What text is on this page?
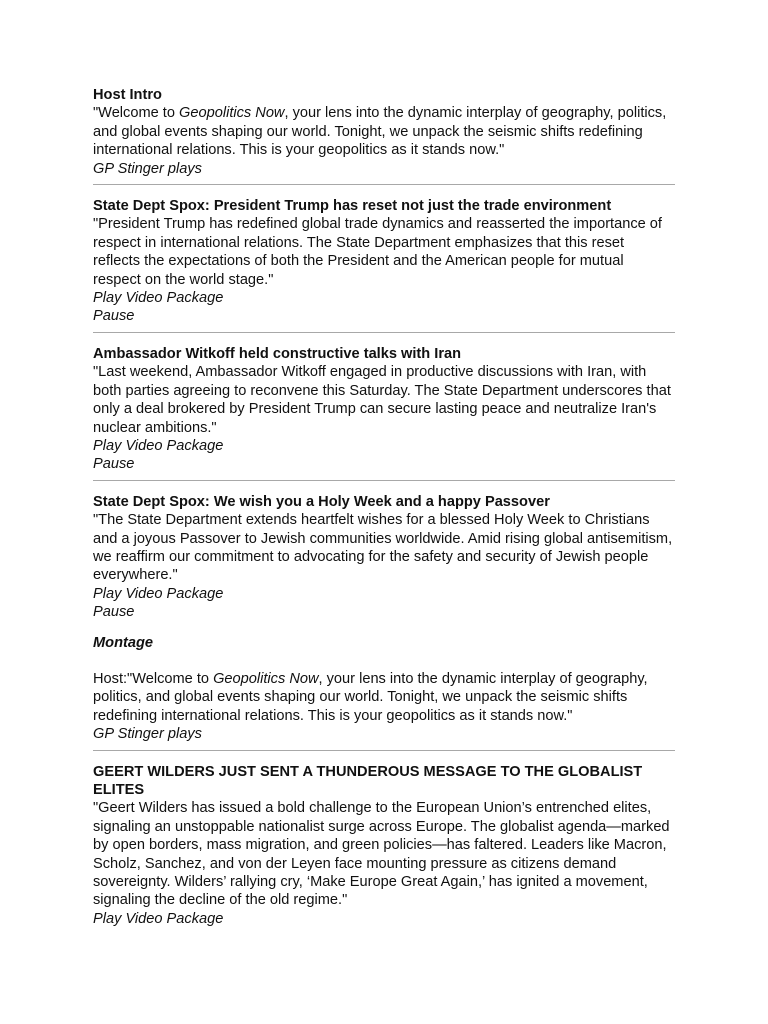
Host Intro
"Welcome to Geopolitics Now, your lens into the dynamic interplay of geography, politics, and global events shaping our world. Tonight, we unpack the seismic shifts redefining international relations. This is your geopolitics as it stands now."
GP Stinger plays
State Dept Spox: President Trump has reset not just the trade environment
"President Trump has redefined global trade dynamics and reasserted the importance of respect in international relations. The State Department emphasizes that this reset reflects the expectations of both the President and the American people for mutual respect on the world stage."
Play Video Package
Pause
Ambassador Witkoff held constructive talks with Iran
"Last weekend, Ambassador Witkoff engaged in productive discussions with Iran, with both parties agreeing to reconvene this Saturday. The State Department underscores that only a deal brokered by President Trump can secure lasting peace and neutralize Iran's nuclear ambitions."
Play Video Package
Pause
State Dept Spox: We wish you a Holy Week and a happy Passover
"The State Department extends heartfelt wishes for a blessed Holy Week to Christians and a joyous Passover to Jewish communities worldwide. Amid rising global antisemitism, we reaffirm our commitment to advocating for the safety and security of Jewish people everywhere."
Play Video Package
Pause
Montage
Host:"Welcome to Geopolitics Now, your lens into the dynamic interplay of geography, politics, and global events shaping our world. Tonight, we unpack the seismic shifts redefining international relations. This is your geopolitics as it stands now."
GP Stinger plays
GEERT WILDERS JUST SENT A THUNDEROUS MESSAGE TO THE GLOBALIST ELITES
"Geert Wilders has issued a bold challenge to the European Union’s entrenched elites, signaling an unstoppable nationalist surge across Europe. The globalist agenda—marked by open borders, mass migration, and green policies—has faltered. Leaders like Macron, Scholz, Sanchez, and von der Leyen face mounting pressure as citizens demand sovereignty. Wilders’ rallying cry, ‘Make Europe Great Again,’ has ignited a movement, signaling the decline of the old regime."
Play Video Package
